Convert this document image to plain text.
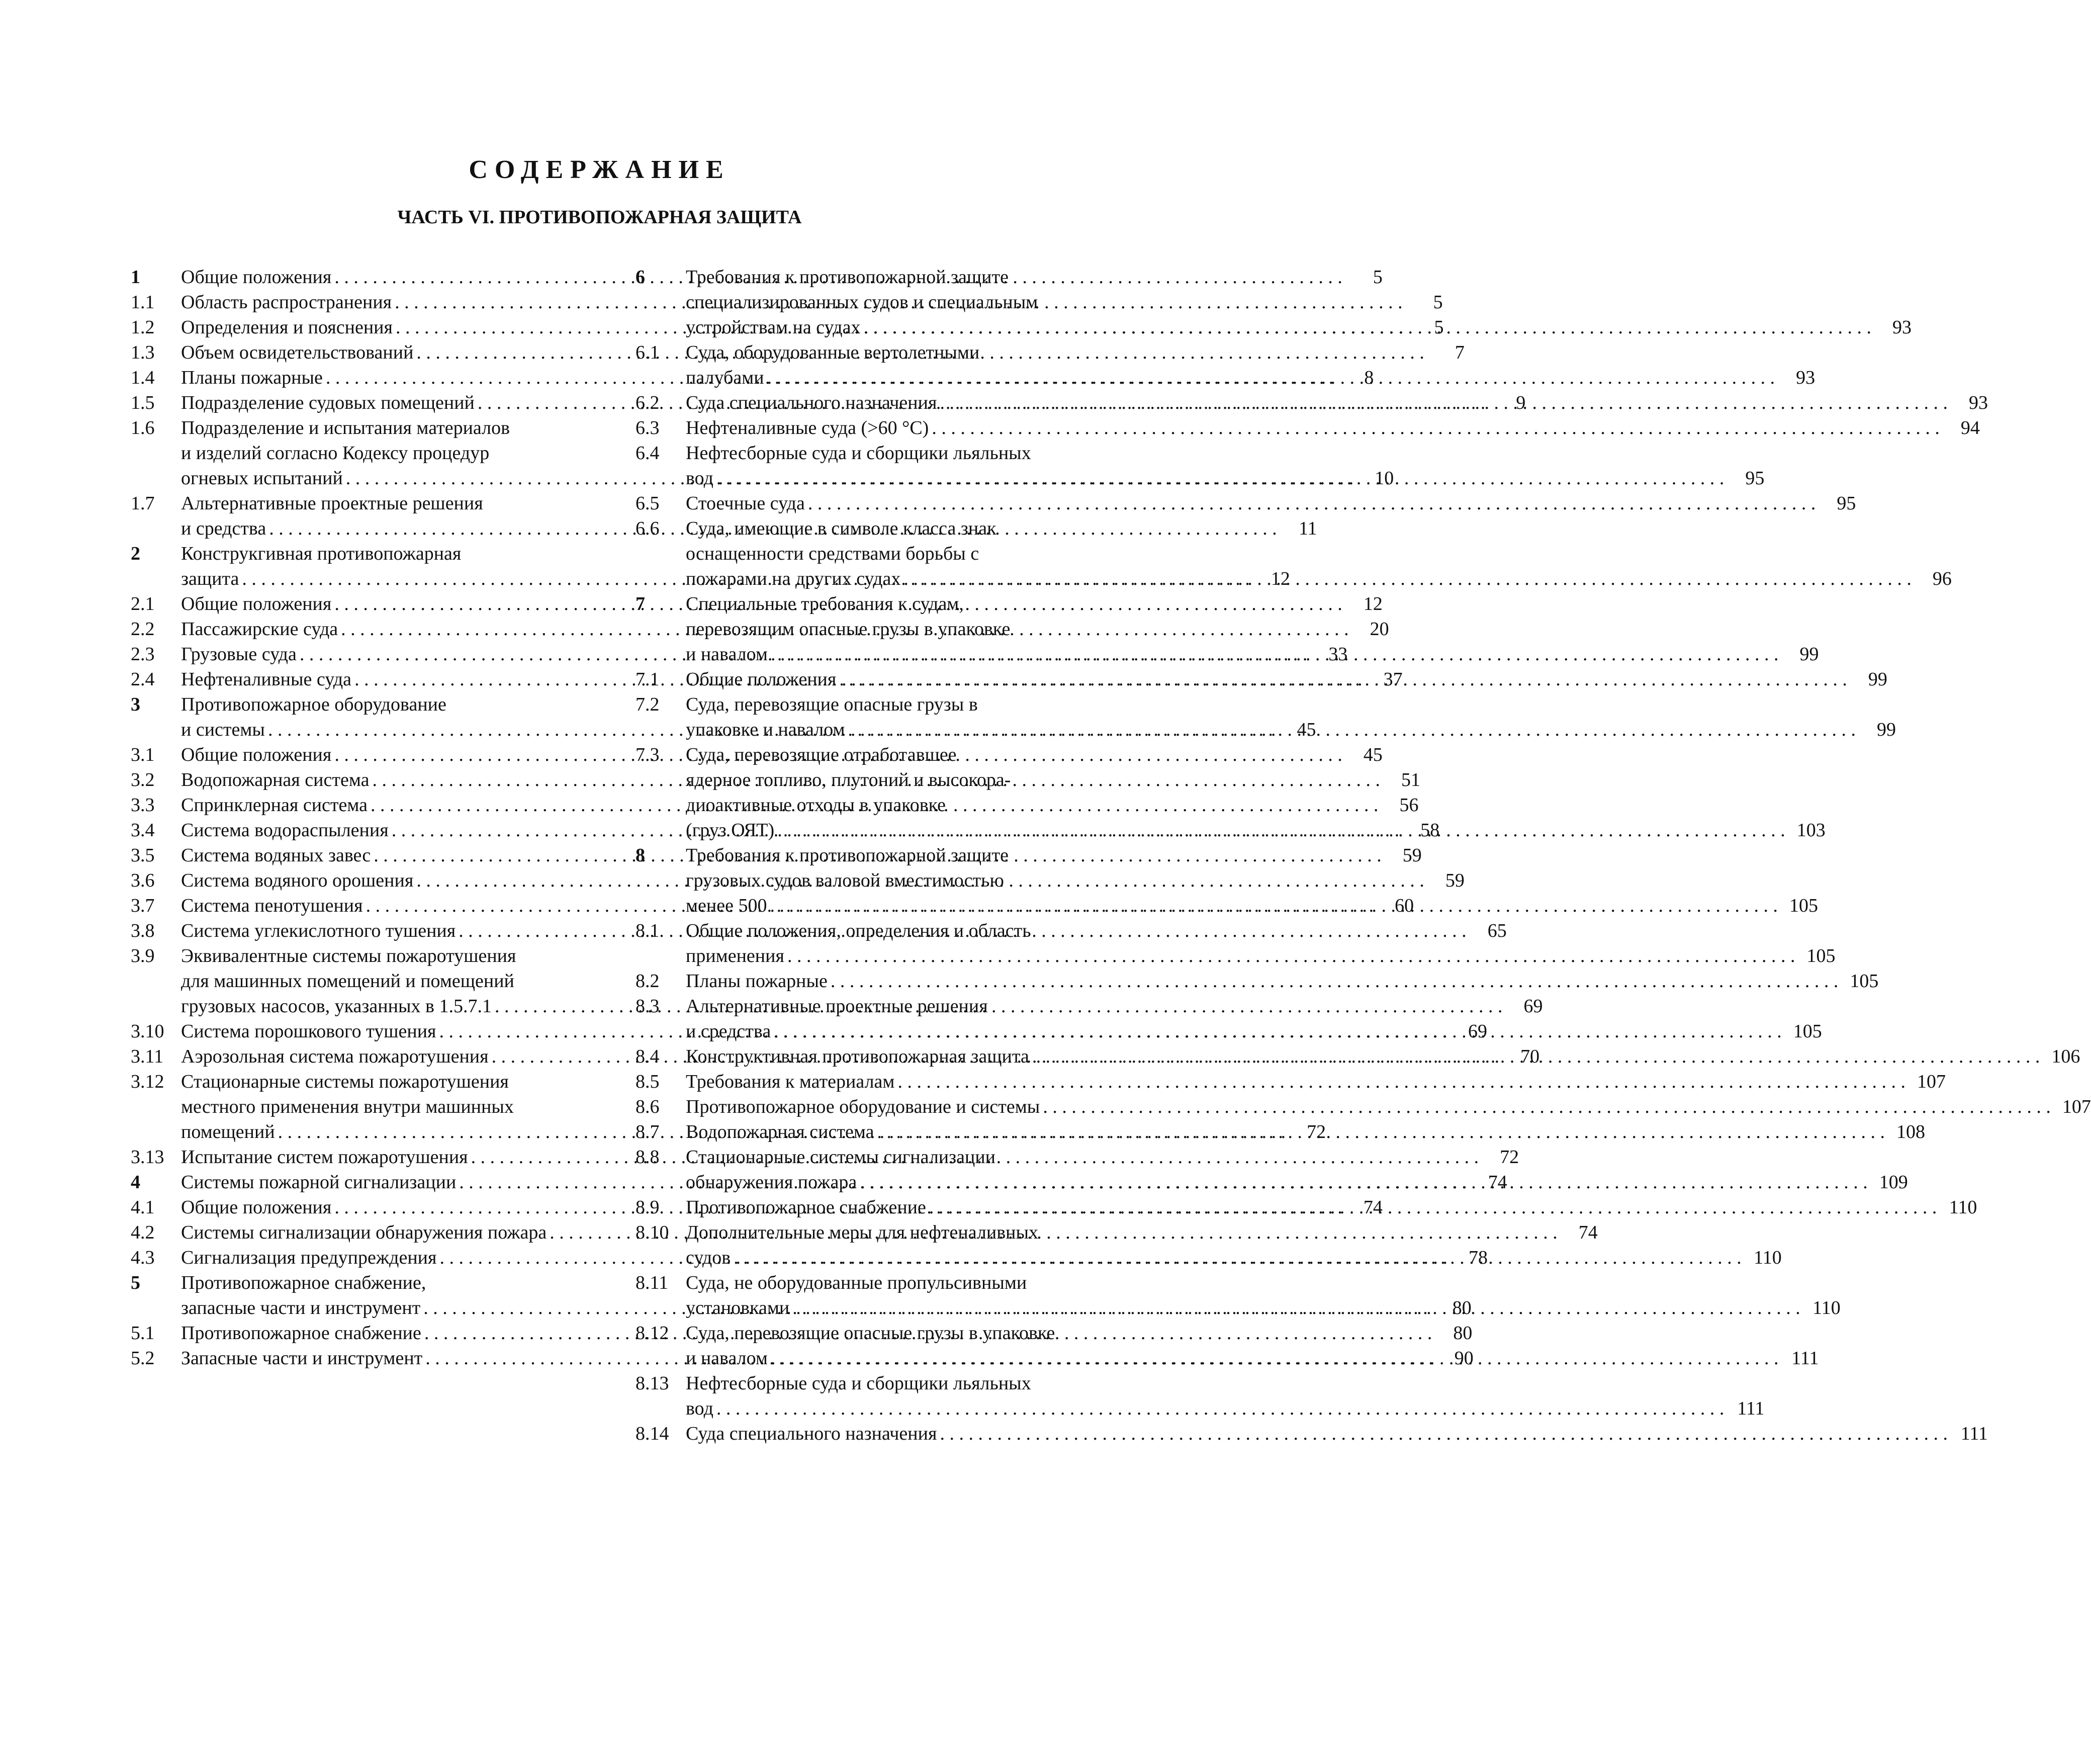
СОДЕРЖАНИЕ
ЧАСТЬ VI. ПРОТИВОПОЖАРНАЯ ЗАЩИТА
1	Общие положения . . .	5
1.1	Область распространения . . .	5
1.2	Определения и пояснения . . .	5
1.3	Объем освидетельствований . . .	7
1.4	Планы пожарные . . .	8
1.5	Подразделение судовых помещений . . .	9
1.6	Подразделение и испытания материалов
и изделий согласно Кодексу процедур
огневых испытаний . . .	10
1.7	Альтернативные проектные решения
и средства . . .	11
2	Конструкгивная противопожарная
защита . . .	12
2.1	Общие положения . . .	12
2.2	Пассажирские суда . . .	20
2.3	Грузовые суда . . .	33
2.4	Нефтеналивные суда . . .	37
3	Противопожарное оборудование
и системы . . .	45
3.1	Общие положения . . .	45
3.2	Водопожарная система . . .	51
3.3	Спринклерная система . . .	56
3.4	Система водораспыления . . .	58
3.5	Система водяных завес . . .	59
3.6	Система водяного орошения . . .	59
3.7	Система пенотушения . . .	60
3.8	Система углекислотного тушения . . .	65
3.9	Эквивалентные системы пожаротушения
для машинных помещений и помещений
грузовых насосов, указанных в 1.5.7.1 . . .	69
3.10 Система порошкового тушения . . .	69
3.11 Аэрозольная система пожаротушения . . .	70
3.12 Стационарные системы пожаротушения
местного применения внутри машинных
помещений . . .	72
3.13 Испытание систем пожаротушения . . .	72
4	Системы пожарной сигнализации . . .	74
4.1	Общие положения . . .	74
4.2	Системы сигнализации обнаружения пожара . . .	74
4.3	Сигнализация предупреждения . . .	78
5	Противопожарное снабжение,
запасные части и инструмент . . .	80
5.1	Противопожарное снабжение . . .	80
5.2	Запасные части и инструмент . . .	90
6	Требования к противопожарной защите
специализированных судов и специальным
устройствам на судах . . .	93
6.1	Суда, оборудованные вертолетными
палубами . . .	93
6.2	Суда специального назначения . . .	93
6.3	Нефтеналивные суда (>60 °С) . . .	94
6.4	Нефтесборные суда и сборщики льяльных
вод . . .	95
6.5	Стоечные суда . . .	95
6.6	Суда, имеющие в символе класса знак
оснащенности средствами борьбы с
пожарами на других судах . . .	96
7	Специальные требования к судам,
перевозящим опасные грузы в упаковке
и навалом . . .	99
7.1	Общие положения . . .	99
7.2	Суда, перевозящие опасные грузы в
упаковке и навалом . . .	99
7.3	Суда, перевозящие отработавшее
ядерное топливо, плутоний и высокора-
диоактивные отходы в упаковке
(груз ОЯТ) . . .	103
8	Требования к противопожарной защите
грузовых судов валовой вместимостью
менее 500 . . .	105
8.1	Общие положения, определения и область
применения . . .	105
8.2	Планы пожарные . . .	105
8.3	Альтернативные проектные решения
и средства . . .	105
8.4	Конструктивная противопожарная защита . . .	106
8.5	Требования к материалам . . .	107
8.6	Противопожарное оборудование и системы . . .	107
8.7	Водопожарная система . . .	108
8.8	Стационарные системы сигнализации
обнаружения пожара . . .	109
8.9	Противопожарное снабжение . . .	110
8.10 Дополнительные меры для нефтеналивных
судов . . .	110
8.11 Суда, не оборудованные пропульсивными
установками . . .	110
8.12 Суда, перевозящие опасные грузы в упаковке
и навалом . . .	111
8.13 Нефтесборные суда и сборщики льяльных
вод . . .	111
8.14 Суда специального назначения . . .	111
